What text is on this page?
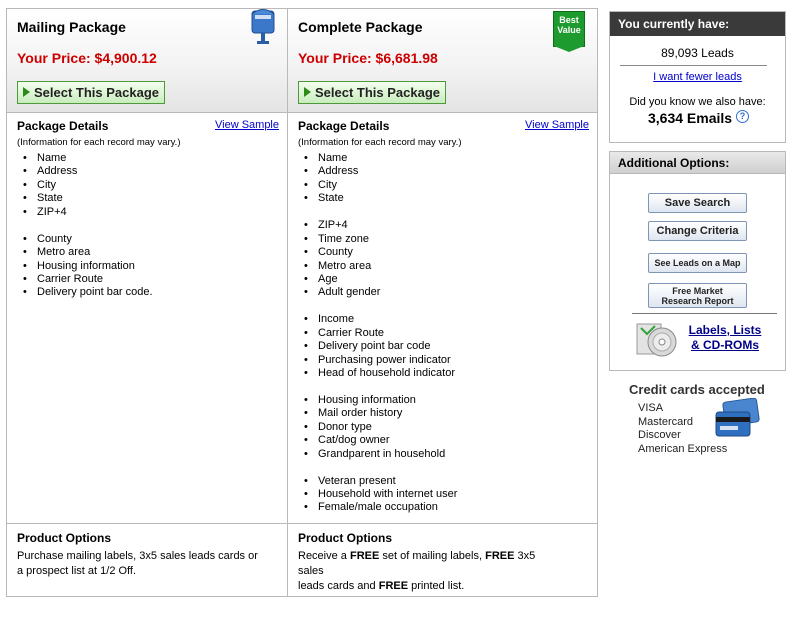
Mailing Package
Your Price: $4,900.12
Select This Package
Package Details	View Sample
(Information for each record may vary.)
• Name
• Address
• City
• State
• ZIP+4
• County
• Metro area
• Housing information
• Carrier Route
• Delivery point bar code.
Product Options
Purchase mailing labels, 3x5 sales leads cards or
a prospect list at 1/2 Off.
Complete Package	Best
Value
Your Price: $6,681.98
Select This Package
Package Details	View Sample
(Information for each record may vary.)
• Name
• Address
• City
• State
• ZIP+4
• Time zone
• County
• Metro area
• Age
• Adult gender
• Income
• Carrier Route
• Delivery point bar code
• Purchasing power indicator
• Head of household indicator
• Housing information
• Mail order history
• Donor type
• Cat/dog owner
• Grandparent in household
• Veteran present
• Household with internet user
• Female/male occupation
Product Options
Receive a FREE set of mailing labels, FREE 3x5 sales
leads cards and FREE printed list.
You currently have:
89,093 Leads
I want fewer leads
Did you know we also have:
3,634 Emails ?
Additional Options:
Save Search
Change Criteria
See Leads on a Map
Free Market
Research Report
Labels, Lists
& CD-ROMs
Credit cards accepted
VISA
Mastercard
Discover
American Express
